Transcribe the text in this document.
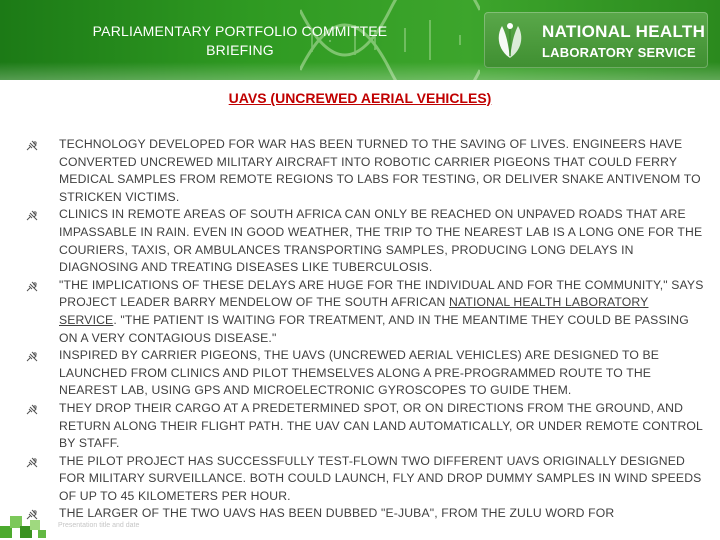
PARLIAMENTARY PORTFOLIO COMMITTEE
BRIEFING
NATIONAL HEALTH
LABORATORY SERVICE
UAVS (UNCREWED AERIAL VEHICLES)
TECHNOLOGY DEVELOPED FOR WAR HAS BEEN TURNED TO THE SAVING OF LIVES. ENGINEERS HAVE CONVERTED UNCREWED MILITARY AIRCRAFT INTO ROBOTIC CARRIER PIGEONS THAT COULD FERRY MEDICAL SAMPLES FROM REMOTE REGIONS TO LABS FOR TESTING, OR DELIVER SNAKE ANTIVENOM TO STRICKEN VICTIMS.
CLINICS IN REMOTE AREAS OF SOUTH AFRICA CAN ONLY BE REACHED ON UNPAVED ROADS THAT ARE IMPASSABLE IN RAIN. EVEN IN GOOD WEATHER, THE TRIP TO THE NEAREST LAB IS A LONG ONE FOR THE COURIERS, TAXIS, OR AMBULANCES TRANSPORTING SAMPLES, PRODUCING LONG DELAYS IN DIAGNOSING AND TREATING DISEASES LIKE TUBERCULOSIS.
"THE IMPLICATIONS OF THESE DELAYS ARE HUGE FOR THE INDIVIDUAL AND FOR THE COMMUNITY," SAYS PROJECT LEADER BARRY MENDELOW OF THE SOUTH AFRICAN NATIONAL HEALTH LABORATORY SERVICE. "THE PATIENT IS WAITING FOR TREATMENT, AND IN THE MEANTIME THEY COULD BE PASSING ON A VERY CONTAGIOUS DISEASE."
INSPIRED BY CARRIER PIGEONS, THE UAVS (UNCREWED AERIAL VEHICLES) ARE DESIGNED TO BE LAUNCHED FROM CLINICS AND PILOT THEMSELVES ALONG A PRE-PROGRAMMED ROUTE TO THE NEAREST LAB, USING GPS AND MICROELECTRONIC GYROSCOPES TO GUIDE THEM.
THEY DROP THEIR CARGO AT A PREDETERMINED SPOT, OR ON DIRECTIONS FROM THE GROUND, AND RETURN ALONG THEIR FLIGHT PATH. THE UAV CAN LAND AUTOMATICALLY, OR UNDER REMOTE CONTROL BY STAFF.
THE PILOT PROJECT HAS SUCCESSFULLY TEST-FLOWN TWO DIFFERENT UAVS ORIGINALLY DESIGNED FOR MILITARY SURVEILLANCE. BOTH COULD LAUNCH, FLY AND DROP DUMMY SAMPLES IN WIND SPEEDS OF UP TO 45 KILOMETERS PER HOUR.
THE LARGER OF THE TWO UAVS HAS BEEN DUBBED "E-JUBA", FROM THE ZULU WORD FOR
Presentation title and date
